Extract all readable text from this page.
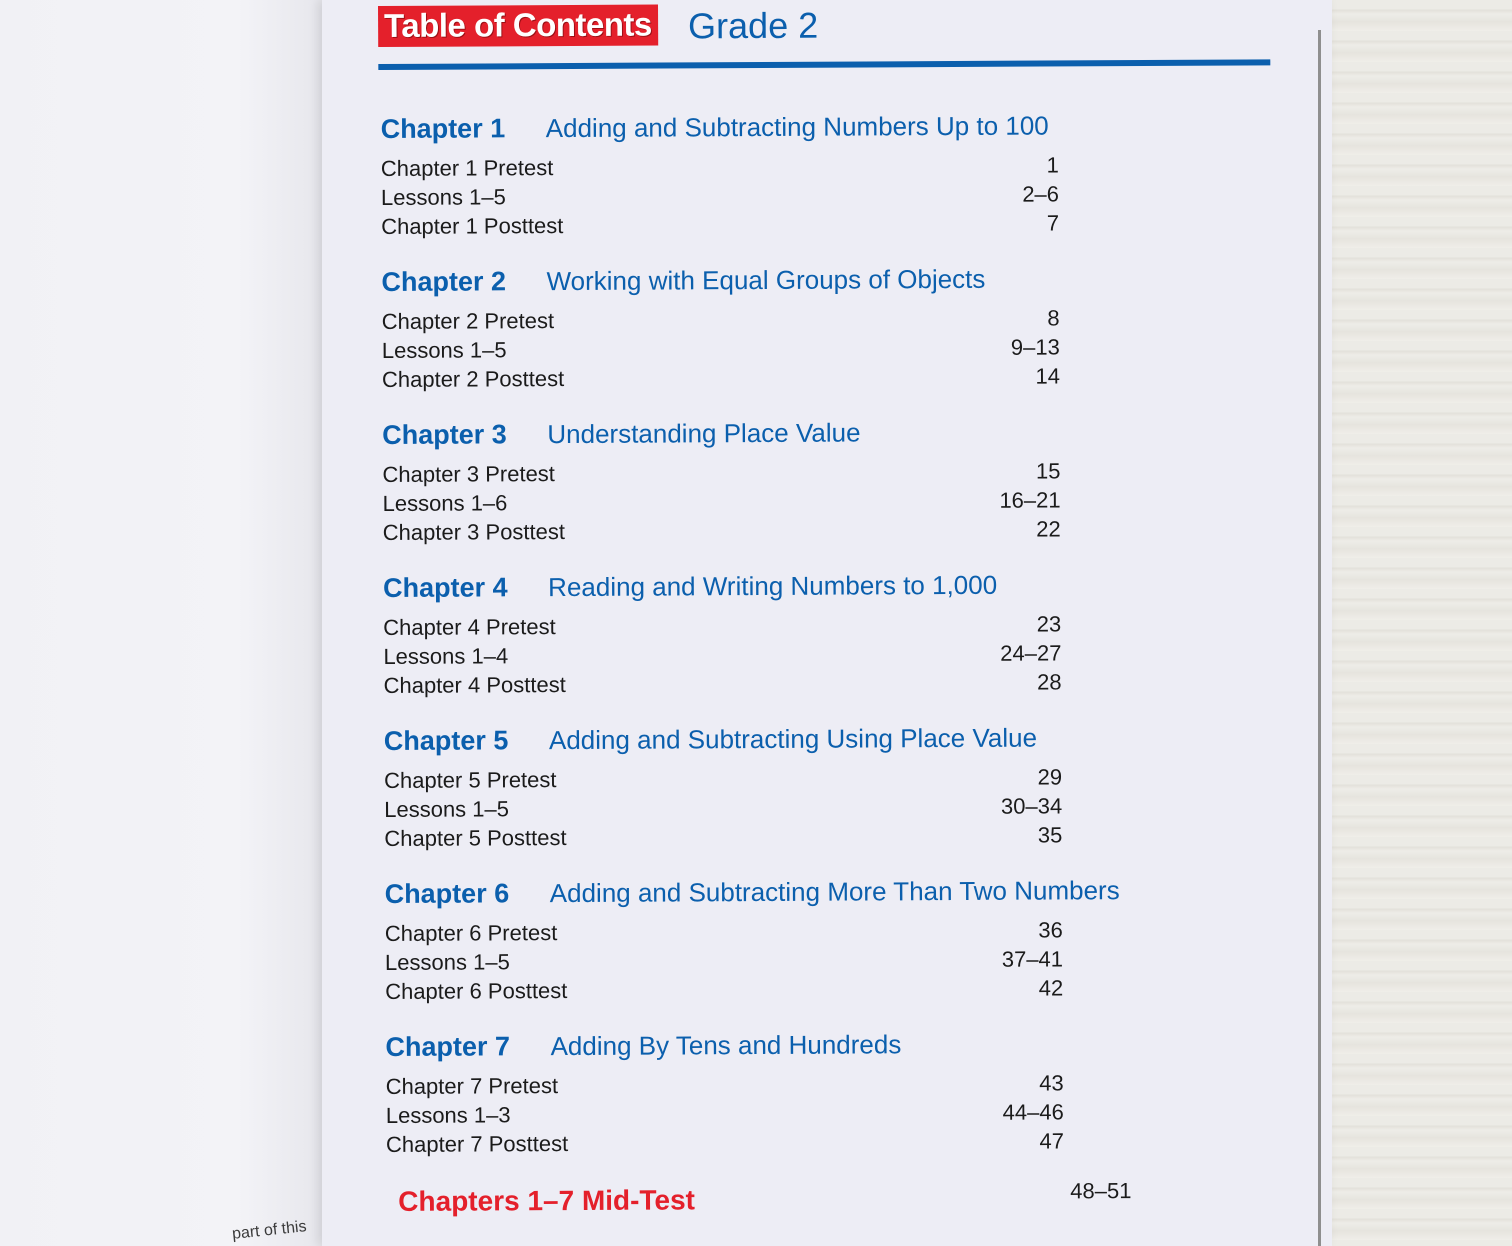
part of this
Table of Contents Grade 2
Chapter 1 Adding and Subtracting Numbers Up to 100
Chapter 1 Pretest	1
Lessons 1–5	2–6
Chapter 1 Posttest	7
Chapter 2 Working with Equal Groups of Objects
Chapter 2 Pretest	8
Lessons 1–5	9–13
Chapter 2 Posttest	14
Chapter 3 Understanding Place Value
Chapter 3 Pretest	15
Lessons 1–6	16–21
Chapter 3 Posttest	22
Chapter 4 Reading and Writing Numbers to 1,000
Chapter 4 Pretest	23
Lessons 1–4	24–27
Chapter 4 Posttest	28
Chapter 5 Adding and Subtracting Using Place Value
Chapter 5 Pretest	29
Lessons 1–5	30–34
Chapter 5 Posttest	35
Chapter 6 Adding and Subtracting More Than Two Numbers
Chapter 6 Pretest	36
Lessons 1–5	37–41
Chapter 6 Posttest	42
Chapter 7 Adding By Tens and Hundreds
Chapter 7 Pretest	43
Lessons 1–3	44–46
Chapter 7 Posttest	47
Chapters 1–7 Mid-Test	48–51
